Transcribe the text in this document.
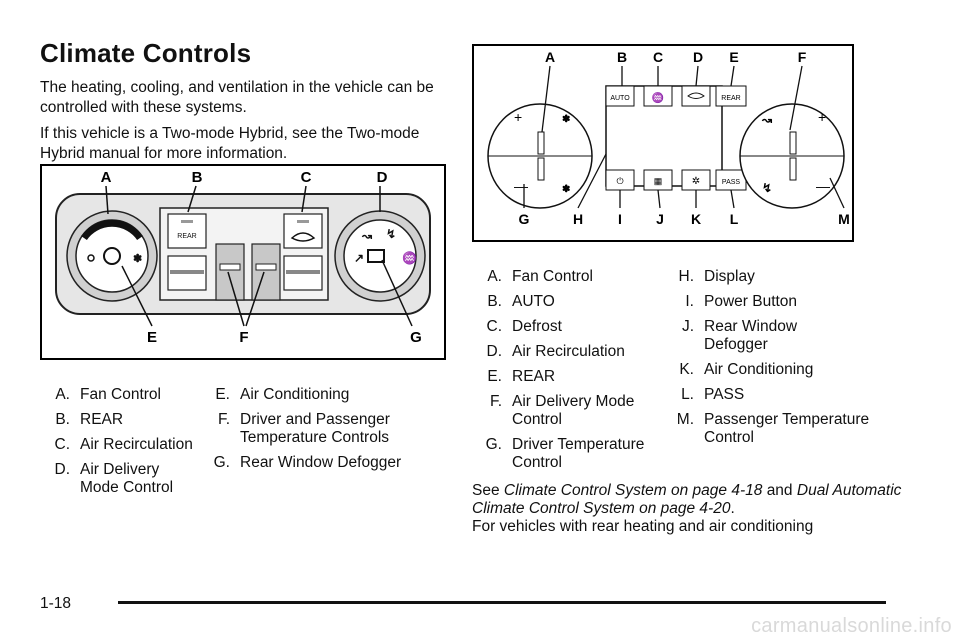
Climate Controls
The heating, cooling, and ventilation in the vehicle can be controlled with these systems.
If this vehicle is a Two-mode Hybrid, see the Two-mode Hybrid manual for more information.
✽
REAR
↗
↝ ↯
♒
A	B	C	D
E	F	G
A. Fan Control
B. REAR
C. Air Recirculation
D. Air Delivery
Mode Control
E. Air Conditioning
F. Driver and Passenger
Temperature Controls
G. Rear Window Defogger
+
—
✽
✽
AUTO ♒	REAR
⏻	▦	✲	PASS
+
—
↝
↯
A	B C D E	F
G	H I J K L	M
A. Fan Control
B. AUTO
C. Defrost
D. Air Recirculation
E. REAR
F. Air Delivery Mode
Control
G. Driver Temperature
Control
H. Display
I. Power Button
J. Rear Window
Defogger
K. Air Conditioning
L. PASS
M. Passenger Temperature
Control
See Climate Control System on page 4-18 and Dual Automatic Climate Control System on page 4-20.
For vehicles with rear heating and air conditioning
1-18
carmanualsonline.info
